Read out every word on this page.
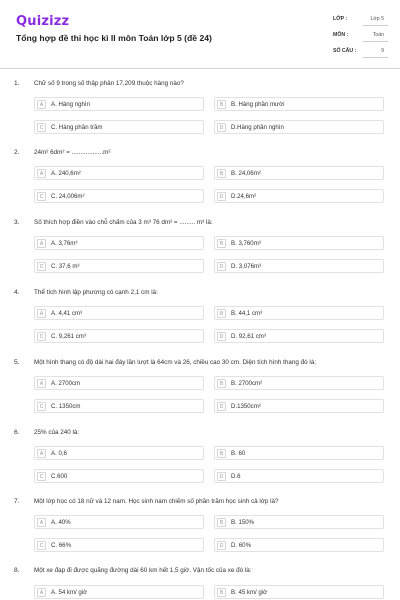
Quizizz
Tổng hợp đề thi học kì II môn Toán lớp 5 (đề 24)
LỚP :	Lớp 5
MÔN :	Toán
SỐ CÂU :	9
1. Chữ số 9 trong số thập phân 17,209 thuộc hàng nào?
A	A. Hàng nghìn	B	B. Hàng phần mười
C	C. Hàng phần trăm	D	D.Hàng phần nghìn
2. 24m² 6dm² = ..................m²
A	A. 240,6m²	B	B. 24,06m²
C	C. 24,006m²	D	D.24,6m²
3. Số thích hợp điền vào chỗ chấm của 3 m³ 76 dm³ = ......... m³ là:
A	A. 3,76m³	B	B. 3,760m³
C	C. 37,6 m³	D	D. 3,076m³
4. Thể tích hình lập phương có cạnh 2,1 cm là:
A	A. 4,41 cm³	B	B. 44,1 cm³
C	C. 9,261 cm³	D	D. 92,61 cm³
5. Một hình thang có độ dài hai đáy lần lượt là 64cm và 26, chiều cao 30 cm. Diện tích hình thang đó là:
A	A. 2700cm	B	B. 2700cm²
C	C. 1350cm	D	D.1350cm²
6. 25% của 240 là:
A	A. 0,6	B	B. 60
C	C.600	D	D.6
7. Một lớp học có 18 nữ và 12 nam. Học sinh nam chiếm số phần trăm học sinh cả lớp là?
A	A. 40%	B	B. 150%
C	C. 66%	D	D. 60%
8. Một xe đạp đi được quãng đường dài 60 km hết 1,5 giờ. Vận tốc của xe đó là:
A	A. 54 km/ giờ	B	B. 45 km/ giờ
